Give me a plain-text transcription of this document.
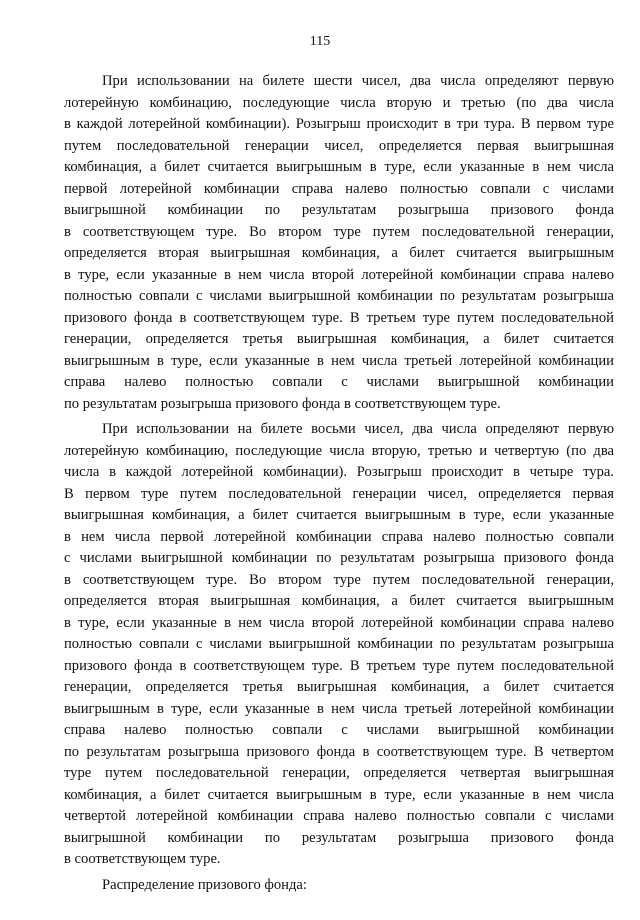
115

При использовании на билете шести чисел, два числа определяют первую
лотерейную комбинацию, последующие числа вторую и третью (по два числа
в каждой лотерейной комбинации). Розыгрыш происходит в три тура. В первом туре
путем последовательной генерации чисел, определяется первая выигрышная
комбинация, а билет считается выигрышным в туре, если указанные в нем числа
первой лотерейной комбинации справа налево полностью совпали с числами
выигрышной комбинации по результатам розыгрыша призового фонда
в соответствующем туре. Во втором туре путем последовательной генерации,
определяется вторая выигрышная комбинация, а билет считается выигрышным
в туре, если указанные в нем числа второй лотерейной комбинации справа налево
полностью совпали с числами выигрышной комбинации по результатам розыгрыша
призового фонда в соответствующем туре. В третьем туре путем последовательной
генерации, определяется третья выигрышная комбинация, а билет считается
выигрышным в туре, если указанные в нем числа третьей лотерейной комбинации
справа налево полностью совпали с числами выигрышной комбинации
по результатам розыгрыша призового фонда в соответствующем туре.

При использовании на билете восьми чисел, два числа определяют первую
лотерейную комбинацию, последующие числа вторую, третью и четвертую (по два
числа в каждой лотерейной комбинации). Розыгрыш происходит в четыре тура.
В первом туре путем последовательной генерации чисел, определяется первая
выигрышная комбинация, а билет считается выигрышным в туре, если указанные
в нем числа первой лотерейной комбинации справа налево полностью совпали
с числами выигрышной комбинации по результатам розыгрыша призового фонда
в соответствующем туре. Во втором туре путем последовательной генерации,
определяется вторая выигрышная комбинация, а билет считается выигрышным
в туре, если указанные в нем числа второй лотерейной комбинации справа налево
полностью совпали с числами выигрышной комбинации по результатам розыгрыша
призового фонда в соответствующем туре. В третьем туре путем последовательной
генерации, определяется третья выигрышная комбинация, а билет считается
выигрышным в туре, если указанные в нем числа третьей лотерейной комбинации
справа налево полностью совпали с числами выигрышной комбинации
по результатам розыгрыша призового фонда в соответствующем туре. В четвертом
туре путем последовательной генерации, определяется четвертая выигрышная
комбинация, а билет считается выигрышным в туре, если указанные в нем числа
четвертой лотерейной комбинации справа налево полностью совпали с числами
выигрышной комбинации по результатам розыгрыша призового фонда
в соответствующем туре.

Распределение призового фонда:
